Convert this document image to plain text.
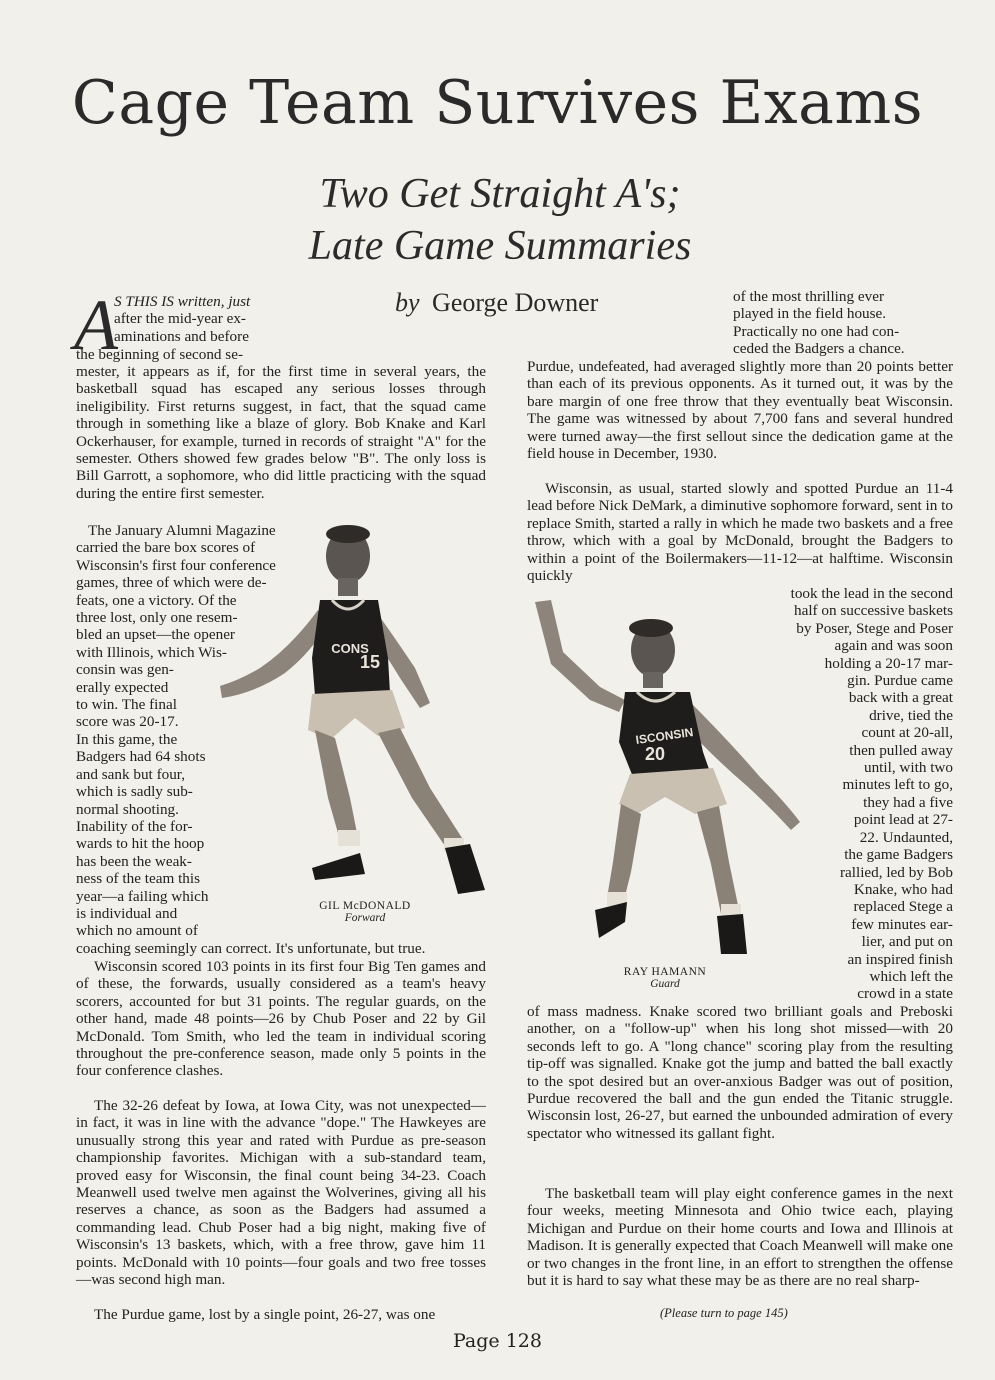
Cage Team Survives Exams
Two Get Straight A's;
Late Game Summaries
by George Downer
A
S THIS IS written, just
after the mid-year ex-
aminations and before
the beginning of second se-
mester, it appears as if, for the first time in several years, the basketball squad has escaped any serious losses through ineligibility. First returns suggest, in fact, that the squad came through in something like a blaze of glory. Bob Knake and Karl Ockerhauser, for example, turned in records of straight "A" for the semester. Others showed few grades below "B". The only loss is Bill Garrott, a sophomore, who did little practicing with the squad during the entire first semester.
The January Alumni Magazine
carried the bare box scores of
Wisconsin's first four conference
games, three of which were de-
feats, one a victory. Of the
three lost, only one resem-
bled an upset—the opener
with Illinois, which Wis-
consin was gen-
erally expected
to win. The final
score was 20-17.
In this game, the
Badgers had 64 shots
and sank but four,
which is sadly sub-
normal shooting.
Inability of the for-
wards to hit the hoop
has been the weak-
ness of the team this
year—a failing which
is individual and
which no amount of
coaching seemingly can correct. It's unfortunate, but true.
Wisconsin scored 103 points in its first four Big Ten games and of these, the forwards, usually considered as a team's heavy scorers, accounted for but 31 points. The regular guards, on the other hand, made 48 points—26 by Chub Poser and 22 by Gil McDonald. Tom Smith, who led the team in individual scoring throughout the pre-conference season, made only 5 points in the four conference clashes.
The 32-26 defeat by Iowa, at Iowa City, was not unexpected—in fact, it was in line with the advance "dope." The Hawkeyes are unusually strong this year and rated with Purdue as pre-season championship favorites. Michigan with a sub-standard team, proved easy for Wisconsin, the final count being 34-23. Coach Meanwell used twelve men against the Wolverines, giving all his reserves a chance, as soon as the Badgers had assumed a commanding lead. Chub Poser had a big night, making five of Wisconsin's 13 baskets, which, with a free throw, gave him 11 points. McDonald with 10 points—four goals and two free tosses —was second high man.
The Purdue game, lost by a single point, 26-27, was one
CONS
15
GIL McDONALD
Forward
of the most thrilling ever
played in the field house.
Practically no one had con-
ceded the Badgers a chance.
Purdue, undefeated, had averaged slightly more than 20 points better than each of its previous opponents. As it turned out, it was by the bare margin of one free throw that they eventually beat Wisconsin. The game was witnessed by about 7,700 fans and several hundred were turned away—the first sellout since the dedication game at the field house in December, 1930.
Wisconsin, as usual, started slowly and spotted Purdue an 11-4 lead before Nick DeMark, a diminutive sophomore forward, sent in to replace Smith, started a rally in which he made two baskets and a free throw, which with a goal by McDonald, brought the Badgers to within a point of the Boilermakers—11-12—at halftime. Wisconsin quickly
took the lead in the second
half on successive baskets
by Poser, Stege and Poser
again and was soon
holding a 20-17 mar-
gin. Purdue came
back with a great
drive, tied the
count at 20-all,
then pulled away
until, with two
minutes left to go,
they had a five
point lead at 27-
22. Undaunted,
the game Badgers
rallied, led by Bob
Knake, who had
replaced Stege a
few minutes ear-
lier, and put on
an inspired finish
which left the
crowd in a state
ISCONSIN
20
RAY HAMANN
Guard
of mass madness. Knake scored two brilliant goals and Preboski another, on a "follow-up" when his long shot missed—with 20 seconds left to go. A "long chance" scoring play from the resulting tip-off was signalled. Knake got the jump and batted the ball exactly to the spot desired but an over-anxious Badger was out of position, Purdue recovered the ball and the gun ended the Titanic struggle. Wisconsin lost, 26-27, but earned the unbounded admiration of every spectator who witnessed its gallant fight.
The basketball team will play eight conference games in the next four weeks, meeting Minnesota and Ohio twice each, playing Michigan and Purdue on their home courts and Iowa and Illinois at Madison. It is generally expected that Coach Meanwell will make one or two changes in the front line, in an effort to strengthen the offense but it is hard to say what these may be as there are no real sharp-
(Please turn to page 145)
Page 128
